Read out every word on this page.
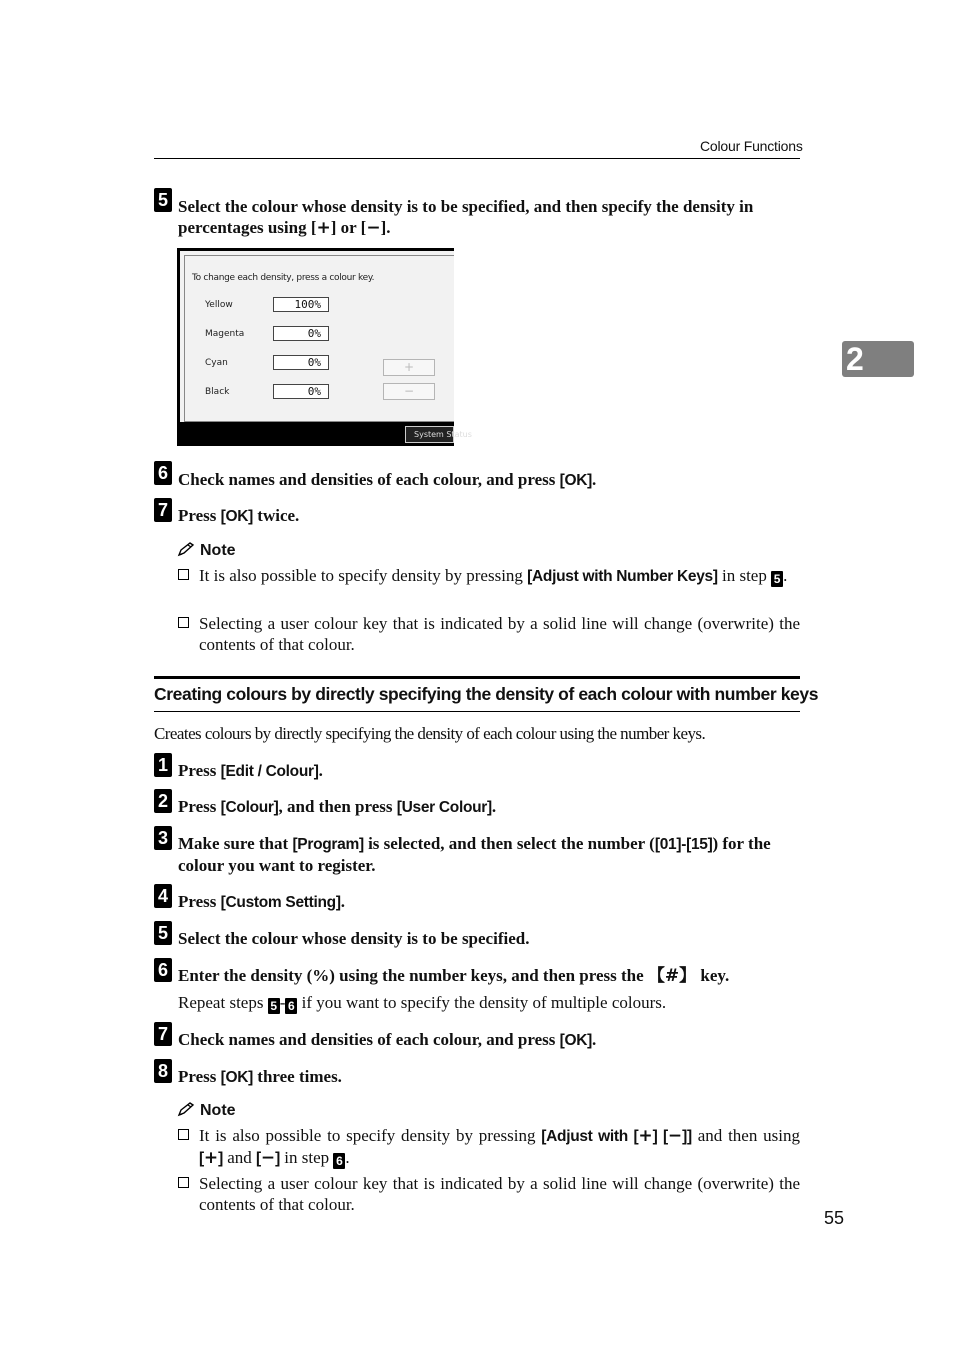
Colour Functions
2
5 Select the colour whose density is to be specified, and then specify the density in percentages using [+] or [−].
To change each density, press a colour key.
Yellow	100%
Magenta	0%
Cyan	0%
Black	0%
+
−
System Status
6 Check names and densities of each colour, and press [OK].
7 Press [OK] twice.
Note
It is also possible to specify density by pressing [Adjust with Number Keys] in step 5 .
Selecting a user colour key that is indicated by a solid line will change (overwrite) the contents of that colour.
Creating colours by directly specifying the density of each colour with number keys
Creates colours by directly specifying the density of each colour using the number keys.
1 Press [Edit / Colour].
2 Press [Colour], and then press [User Colour].
3 Make sure that [Program] is selected, and then select the number ([01]-[15]) for the colour you want to register.
4 Press [Custom Setting].
5 Select the colour whose density is to be specified.
6 Enter the density (%) using the number keys, and then press the 【#】 key.
Repeat steps 5 - 6 if you want to specify the density of multiple colours.
7 Check names and densities of each colour, and press [OK].
8 Press [OK] three times.
Note
It is also possible to specify density by pressing [Adjust with [+] [−]] and then using [+] and [−] in step 6 .
Selecting a user colour key that is indicated by a solid line will change (overwrite) the contents of that colour.
55
